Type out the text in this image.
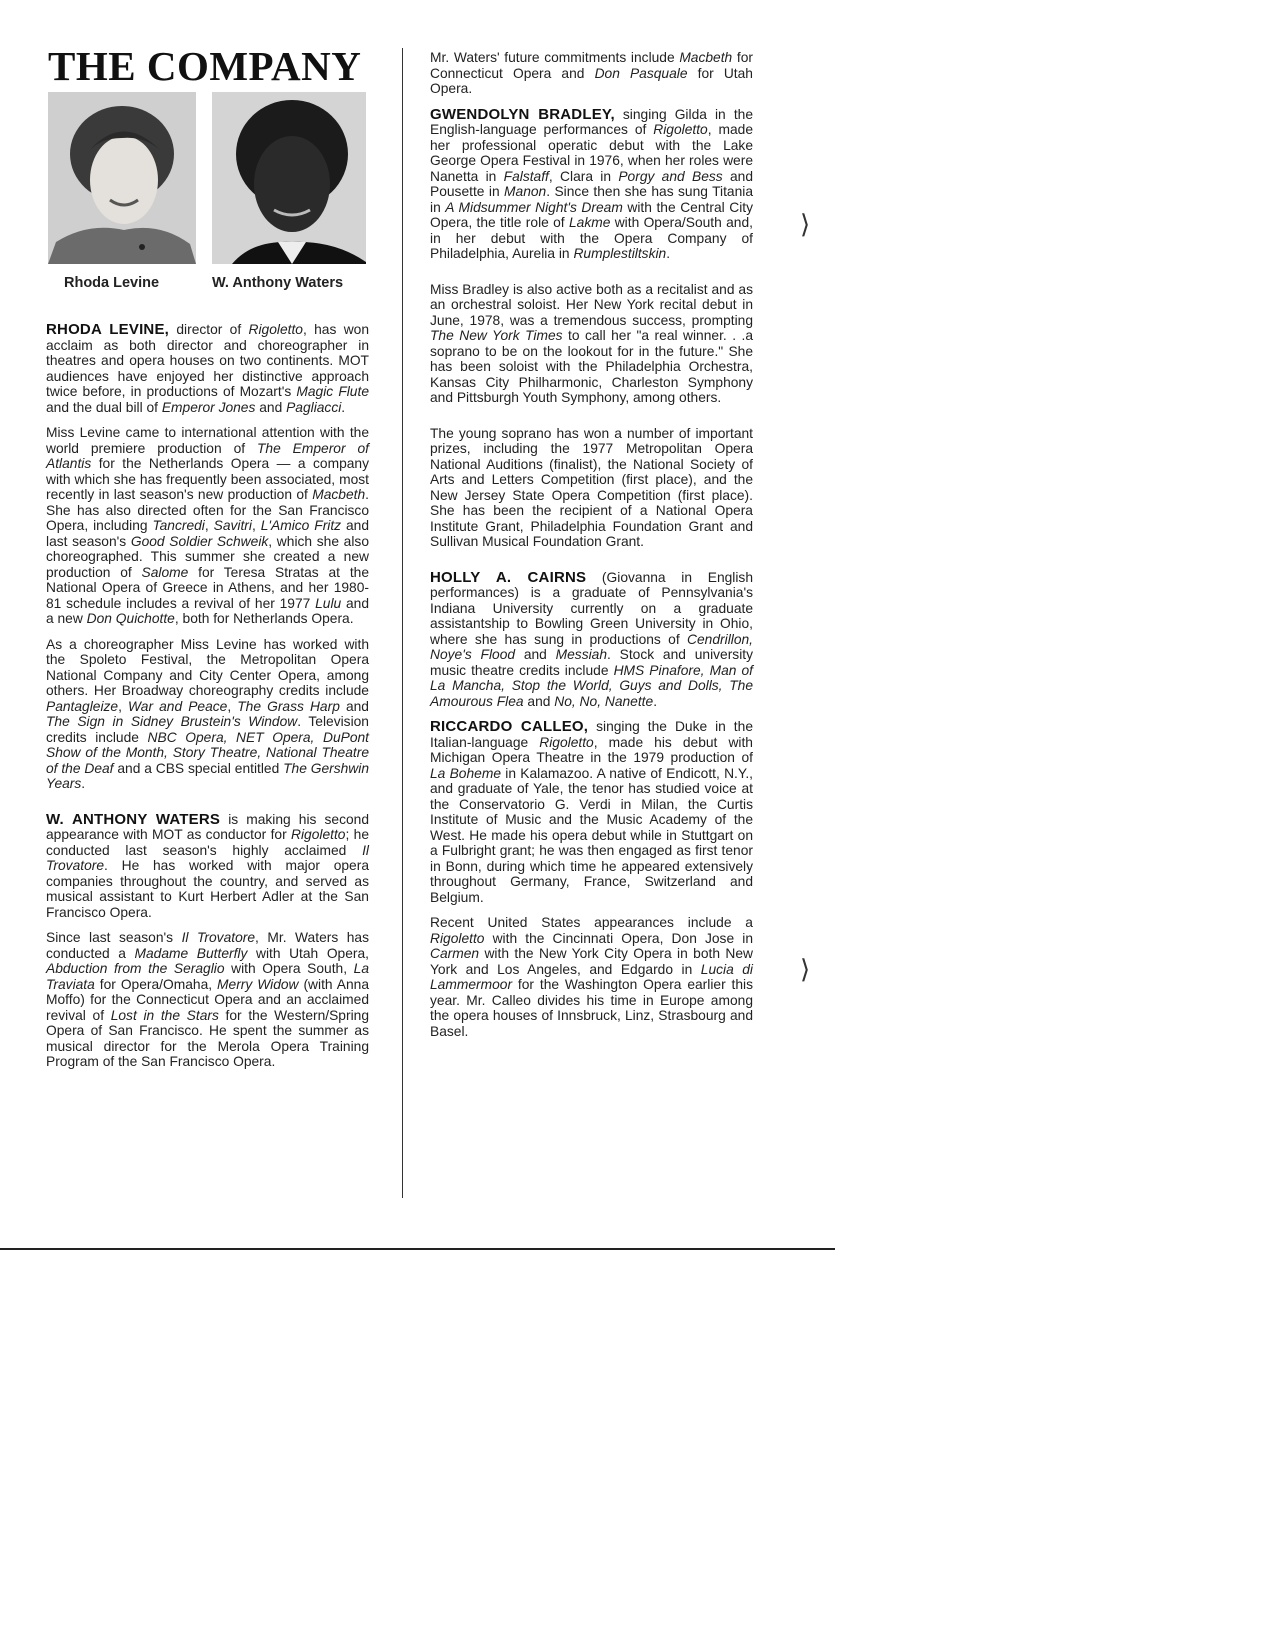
THE COMPANY

Rhoda Levine	W. Anthony Waters

RHODA LEVINE, director of Rigoletto, has won acclaim as both director and choreographer in theatres and opera houses on two continents. MOT audiences have enjoyed her distinctive approach twice before, in productions of Mozart's Magic Flute and the dual bill of Emperor Jones and Pagliacci.

Miss Levine came to international attention with the world premiere production of The Emperor of Atlantis for the Netherlands Opera — a company with which she has frequently been associated, most recently in last season's new production of Macbeth. She has also directed often for the San Francisco Opera, including Tancredi, Savitri, L'Amico Fritz and last season's Good Soldier Schweik, which she also choreographed. This summer she created a new production of Salome for Teresa Stratas at the National Opera of Greece in Athens, and her 1980-81 schedule includes a revival of her 1977 Lulu and a new Don Quichotte, both for Netherlands Opera.

As a choreographer Miss Levine has worked with the Spoleto Festival, the Metropolitan Opera National Company and City Center Opera, among others. Her Broadway choreography credits include Pantagleize, War and Peace, The Grass Harp and The Sign in Sidney Brustein's Window. Television credits include NBC Opera, NET Opera, DuPont Show of the Month, Story Theatre, National Theatre of the Deaf and a CBS special entitled The Gershwin Years.

W. ANTHONY WATERS is making his second appearance with MOT as conductor for Rigoletto; he conducted last season's highly acclaimed Il Trovatore. He has worked with major opera companies throughout the country, and served as musical assistant to Kurt Herbert Adler at the San Francisco Opera.

Since last season's Il Trovatore, Mr. Waters has conducted a Madame Butterfly with Utah Opera, Abduction from the Seraglio with Opera South, La Traviata for Opera/Omaha, Merry Widow (with Anna Moffo) for the Connecticut Opera and an acclaimed revival of Lost in the Stars for the Western/Spring Opera of San Francisco. He spent the summer as musical director for the Merola Opera Training Program of the San Francisco Opera.

Mr. Waters' future commitments include Macbeth for Connecticut Opera and Don Pasquale for Utah Opera.

GWENDOLYN BRADLEY, singing Gilda in the English-language performances of Rigoletto, made her professional operatic debut with the Lake George Opera Festival in 1976, when her roles were Nanetta in Falstaff, Clara in Porgy and Bess and Pousette in Manon. Since then she has sung Titania in A Midsummer Night's Dream with the Central City Opera, the title role of Lakme with Opera/South and, in her debut with the Opera Company of Philadelphia, Aurelia in Rumplestiltskin.

Miss Bradley is also active both as a recitalist and as an orchestral soloist. Her New York recital debut in June, 1978, was a tremendous success, prompting The New York Times to call her "a real winner. . .a soprano to be on the lookout for in the future." She has been soloist with the Philadelphia Orchestra, Kansas City Philharmonic, Charleston Symphony and Pittsburgh Youth Symphony, among others.

The young soprano has won a number of important prizes, including the 1977 Metropolitan Opera National Auditions (finalist), the National Society of Arts and Letters Competition (first place), and the New Jersey State Opera Competition (first place). She has been the recipient of a National Opera Institute Grant, Philadelphia Foundation Grant and Sullivan Musical Foundation Grant.

HOLLY A. CAIRNS (Giovanna in English performances) is a graduate of Pennsylvania's Indiana University currently on a graduate assistantship to Bowling Green University in Ohio, where she has sung in productions of Cendrillon, Noye's Flood and Messiah. Stock and university music theatre credits include HMS Pinafore, Man of La Mancha, Stop the World, Guys and Dolls, The Amourous Flea and No, No, Nanette.

RICCARDO CALLEO, singing the Duke in the Italian-language Rigoletto, made his debut with Michigan Opera Theatre in the 1979 production of La Boheme in Kalamazoo. A native of Endicott, N.Y., and graduate of Yale, the tenor has studied voice at the Conservatorio G. Verdi in Milan, the Curtis Institute of Music and the Music Academy of the West. He made his opera debut while in Stuttgart on a Fulbright grant; he was then engaged as first tenor in Bonn, during which time he appeared extensively throughout Germany, France, Switzerland and Belgium.

Recent United States appearances include a Rigoletto with the Cincinnati Opera, Don Jose in Carmen with the New York City Opera in both New York and Los Angeles, and Edgardo in Lucia di Lammermoor for the Washington Opera earlier this year. Mr. Calleo divides his time in Europe among the opera houses of Innsbruck, Linz, Strasbourg and Basel.

⟩
⟩
